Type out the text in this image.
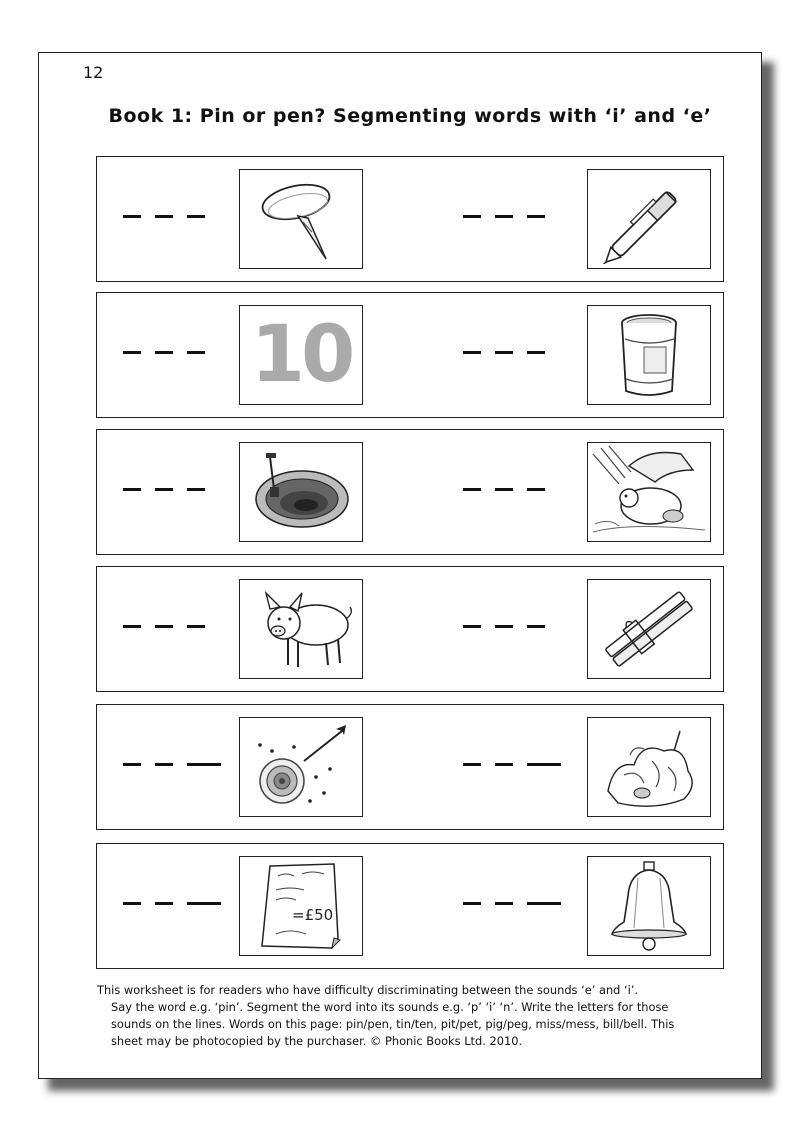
12
Book 1: Pin or pen? Segmenting words with ‘i’ and ‘e’
10
=£50

This worksheet is for readers who have difficulty discriminating between the sounds ‘e’ and ‘i’.

Say the word e.g. ‘pin’. Segment the word into its sounds e.g. ‘p’ ‘i’ ‘n’. Write the letters for those

sounds on the lines. Words on this page: pin/pen, tin/ten, pit/pet, pig/peg, miss/mess, bill/bell. This

sheet may be photocopied by the purchaser. © Phonic Books Ltd. 2010.
